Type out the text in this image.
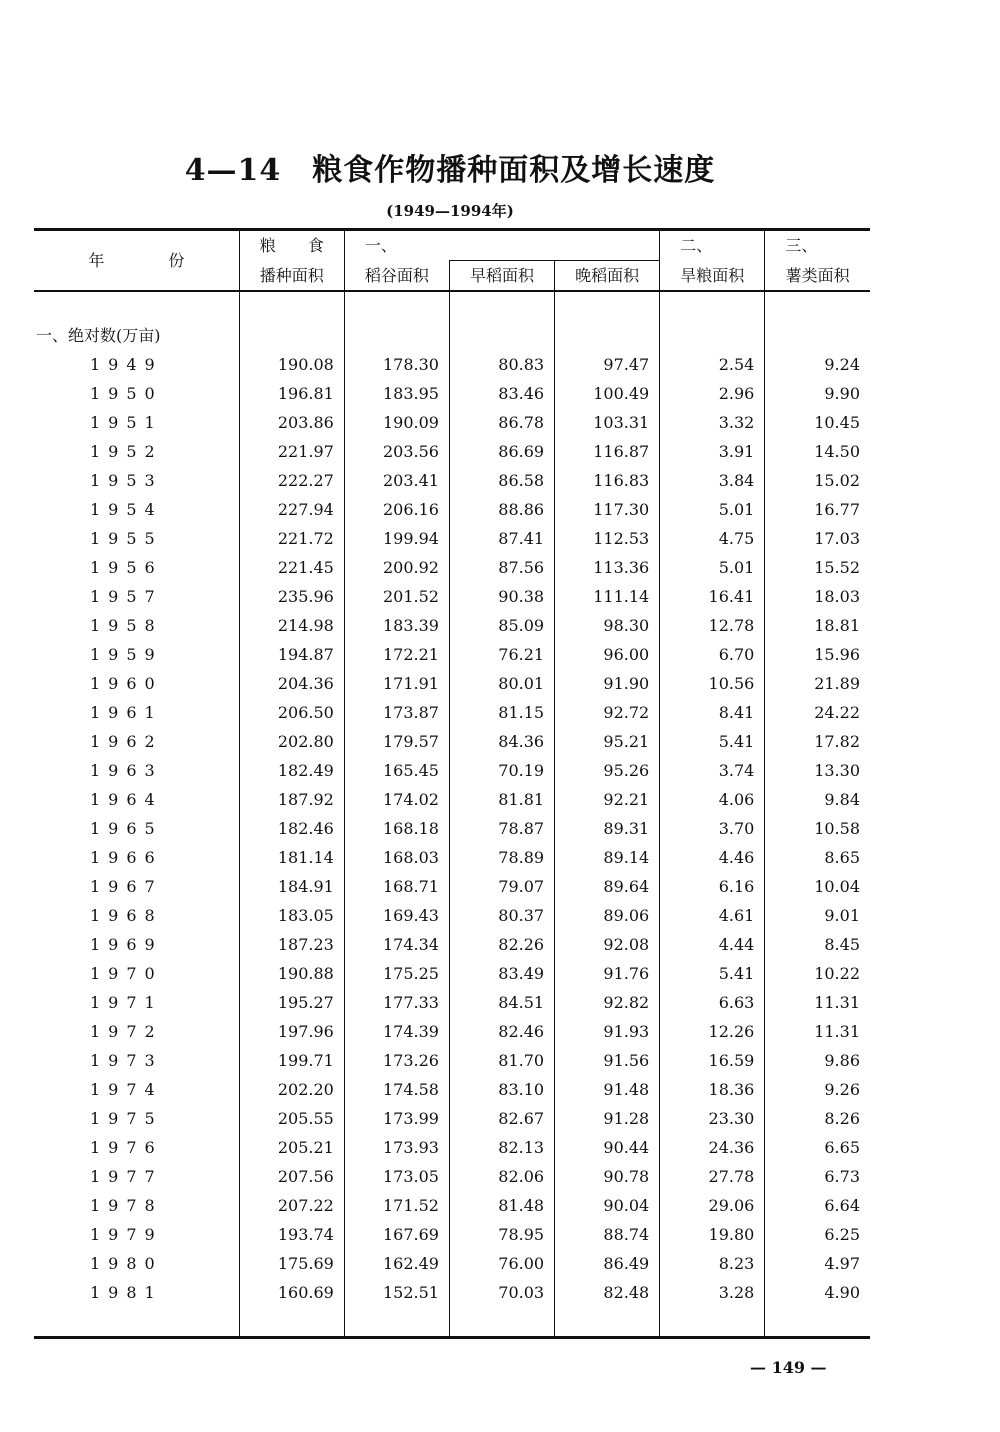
4—14　粮食作物播种面积及增长速度
(1949—1994年)
年　　　　份	粮　　食	一、			二、	三、
	播种面积	稻谷面积	早稻面积	晚稻面积	旱粮面积	薯类面积

一、绝对数(万亩)						
1949	190.08	178.30	80.83	97.47	2.54	9.24
1950	196.81	183.95	83.46	100.49	2.96	9.90
1951	203.86	190.09	86.78	103.31	3.32	10.45
1952	221.97	203.56	86.69	116.87	3.91	14.50
1953	222.27	203.41	86.58	116.83	3.84	15.02
1954	227.94	206.16	88.86	117.30	5.01	16.77
1955	221.72	199.94	87.41	112.53	4.75	17.03
1956	221.45	200.92	87.56	113.36	5.01	15.52
1957	235.96	201.52	90.38	111.14	16.41	18.03
1958	214.98	183.39	85.09	98.30	12.78	18.81
1959	194.87	172.21	76.21	96.00	6.70	15.96
1960	204.36	171.91	80.01	91.90	10.56	21.89
1961	206.50	173.87	81.15	92.72	8.41	24.22
1962	202.80	179.57	84.36	95.21	5.41	17.82
1963	182.49	165.45	70.19	95.26	3.74	13.30
1964	187.92	174.02	81.81	92.21	4.06	9.84
1965	182.46	168.18	78.87	89.31	3.70	10.58
1966	181.14	168.03	78.89	89.14	4.46	8.65
1967	184.91	168.71	79.07	89.64	6.16	10.04
1968	183.05	169.43	80.37	89.06	4.61	9.01
1969	187.23	174.34	82.26	92.08	4.44	8.45
1970	190.88	175.25	83.49	91.76	5.41	10.22
1971	195.27	177.33	84.51	92.82	6.63	11.31
1972	197.96	174.39	82.46	91.93	12.26	11.31
1973	199.71	173.26	81.70	91.56	16.59	9.86
1974	202.20	174.58	83.10	91.48	18.36	9.26
1975	205.55	173.99	82.67	91.28	23.30	8.26
1976	205.21	173.93	82.13	90.44	24.36	6.65
1977	207.56	173.05	82.06	90.78	27.78	6.73
1978	207.22	171.52	81.48	90.04	29.06	6.64
1979	193.74	167.69	78.95	88.74	19.80	6.25
1980	175.69	162.49	76.00	86.49	8.23	4.97
1981	160.69	152.51	70.03	82.48	3.28	4.90

— 149 —
